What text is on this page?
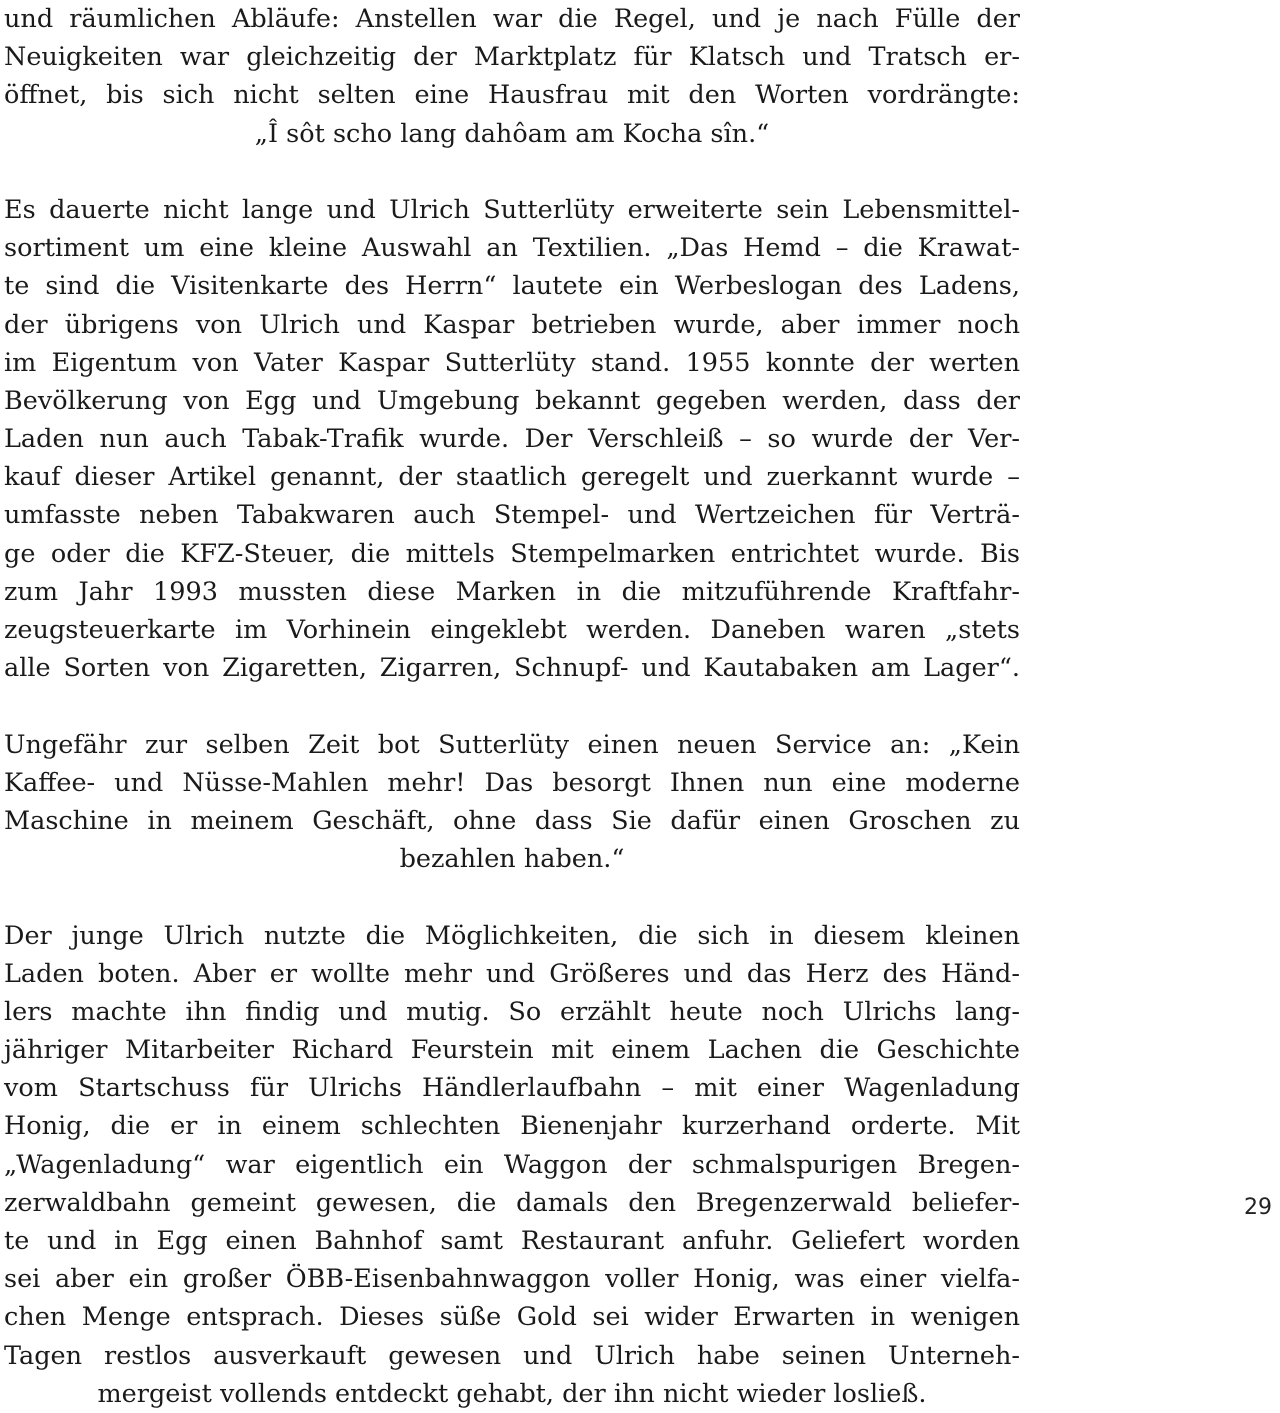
und räumlichen Abläufe: Anstellen war die Regel, und je nach Fülle der
Neuigkeiten war gleichzeitig der Marktplatz für Klatsch und Tratsch er-
öffnet, bis sich nicht selten eine Hausfrau mit den Worten vordrängte:
„Î sôt scho lang dahôam am Kocha sîn.“
Es dauerte nicht lange und Ulrich Sutterlüty erweiterte sein Lebensmittel-
sortiment um eine kleine Auswahl an Textilien. „Das Hemd – die Krawat-
te sind die Visitenkarte des Herrn“ lautete ein Werbeslogan des Ladens,
der übrigens von Ulrich und Kaspar betrieben wurde, aber immer noch
im Eigentum von Vater Kaspar Sutterlüty stand. 1955 konnte der werten
Bevölkerung von Egg und Umgebung bekannt gegeben werden, dass der
Laden nun auch Tabak-Trafik wurde. Der Verschleiß – so wurde der Ver-
kauf dieser Artikel genannt, der staatlich geregelt und zuerkannt wurde –
umfasste neben Tabakwaren auch Stempel- und Wertzeichen für Verträ-
ge oder die KFZ-Steuer, die mittels Stempelmarken entrichtet wurde. Bis
zum Jahr 1993 mussten diese Marken in die mitzuführende Kraftfahr-
zeugsteuerkarte im Vorhinein eingeklebt werden. Daneben waren „stets
alle Sorten von Zigaretten, Zigarren, Schnupf- und Kautabaken am Lager“.
Ungefähr zur selben Zeit bot Sutterlüty einen neuen Service an: „Kein
Kaffee- und Nüsse-Mahlen mehr! Das besorgt Ihnen nun eine moderne
Maschine in meinem Geschäft, ohne dass Sie dafür einen Groschen zu
bezahlen haben.“
Der junge Ulrich nutzte die Möglichkeiten, die sich in diesem kleinen
Laden boten. Aber er wollte mehr und Größeres und das Herz des Händ-
lers machte ihn findig und mutig. So erzählt heute noch Ulrichs lang-
jähriger Mitarbeiter Richard Feurstein mit einem Lachen die Geschichte
vom Startschuss für Ulrichs Händlerlaufbahn – mit einer Wagenladung
Honig, die er in einem schlechten Bienenjahr kurzerhand orderte. Mit
„Wagenladung“ war eigentlich ein Waggon der schmalspurigen Bregen-
zerwaldbahn gemeint gewesen, die damals den Bregenzerwald beliefer-
te und in Egg einen Bahnhof samt Restaurant anfuhr. Geliefert worden
sei aber ein großer ÖBB-Eisenbahnwaggon voller Honig, was einer vielfa-
chen Menge entsprach. Dieses süße Gold sei wider Erwarten in wenigen
Tagen restlos ausverkauft gewesen und Ulrich habe seinen Unterneh-
mergeist vollends entdeckt gehabt, der ihn nicht wieder losließ.
29
